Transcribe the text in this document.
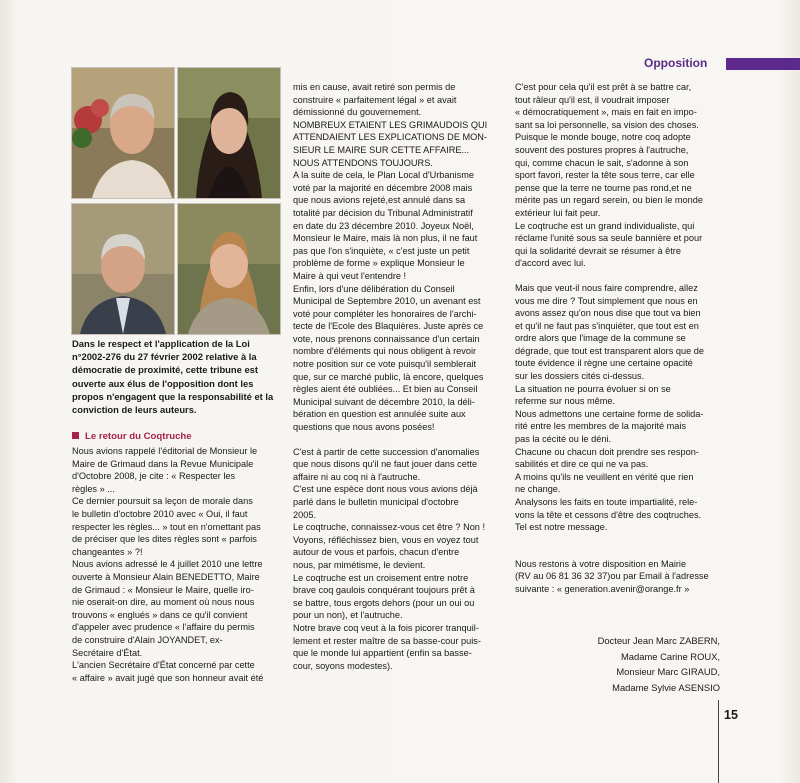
Opposition
Dans le respect et l'application de la Loi n°2002-276 du 27 février 2002 relative à la démocratie de proximité, cette tribune est ouverte aux élus de l'opposition dont les propos n'engagent que la responsabilité et la conviction de leurs auteurs.
Le retour du Coqtruche

Nous avions rappelé l'éditorial de Monsieur le
Maire de Grimaud dans la Revue Municipale
d'Octobre 2008, je cite : « Respecter les
règles » ...

Ce dernier poursuit sa leçon de morale dans
le bulletin d'octobre 2010 avec « Oui, il faut
respecter les règles... » tout en n'omettant pas
de préciser que les dites règles sont « parfois
changeantes » ?!

Nous avions adressé le 4 juillet 2010 une lettre
ouverte à Monsieur Alain BENEDETTO, Maire
de Grimaud : « Monsieur le Maire, quelle iro-
nie oserait-on dire, au moment où nous nous
trouvons « englués » dans ce qu'il convient
d'appeler avec prudence « l'affaire du permis
de construire d'Alain JOYANDET, ex-
Secrétaire d'État.

L'ancien Secrétaire d'État concerné par cette
« affaire » avait jugé que son honneur avait été

mis en cause, avait retiré son permis de
construire « parfaitement légal » et avait
démissionné du gouvernement.

NOMBREUX ETAIENT LES GRIMAUDOIS QUI
ATTENDAIENT LES EXPLICATIONS DE MON-
SIEUR LE MAIRE SUR CETTE AFFAIRE...
NOUS ATTENDONS TOUJOURS.

A la suite de cela, le Plan Local d'Urbanisme
voté par la majorité en décembre 2008 mais
que nous avions rejeté,est annulé dans sa
totalité par décision du Tribunal Administratif
en date du 23 décembre 2010. Joyeux Noël,
Monsieur le Maire, mais là non plus, il ne faut
pas que l'on s'inquiète, « c'est juste un petit
problème de forme » explique Monsieur le
Maire à qui veut l'entendre !

Enfin, lors d'une délibération du Conseil
Municipal de Septembre 2010, un avenant est
voté pour compléter les honoraires de l'archi-
tecte de l'Ecole des Blaquières. Juste après ce
vote, nous prenons connaissance d'un certain
nombre d'éléments qui nous obligent à revoir
notre position sur ce vote puisqu'il semblerait
que, sur ce marché public, là encore, quelques
règles aient été oubliées... Et bien au Conseil
Municipal suivant de décembre 2010, la déli-
bération en question est annulée suite aux
questions que nous avons posées!

C'est à partir de cette succession d'anomalies
que nous disons qu'il ne faut jouer dans cette
affaire ni au coq ni à l'autruche.

C'est une espèce dont nous vous avions déjà
parlé dans le bulletin municipal d'octobre
2005.

Le coqtruche, connaissez-vous cet être ? Non !
Voyons, réfléchissez bien, vous en voyez tout
autour de vous et parfois, chacun d'entre
nous, par mimétisme, le devient.

Le coqtruche est un croisement entre notre
brave coq gaulois conquérant toujours prêt à
se battre, tous ergots dehors (pour un oui ou
pour un non), et l'autruche.

Notre brave coq veut à la fois picorer tranquil-
lement et rester maître de sa basse-cour puis-
que le monde lui appartient (enfin sa basse-
cour, soyons modestes).

C'est pour cela qu'il est prêt à se battre car,
tout râleur qu'il est, il voudrait imposer
« démocratiquement », mais en fait en impo-
sant sa loi personnelle, sa vision des choses.
Puisque le monde bouge, notre coq adopte
souvent des postures propres à l'autruche,
qui, comme chacun le sait, s'adonne à son
sport favori, rester la tête sous terre, car elle
pense que la terre ne tourne pas rond,et ne
mérite pas un regard serein, ou bien le monde
extérieur lui fait peur.

Le coqtruche est un grand individualiste, qui
réclame l'unité sous sa seule bannière et pour
qui la solidarité devrait se résumer à être
d'accord avec lui.

Mais que veut-il nous faire comprendre, allez
vous me dire ? Tout simplement que nous en
avons assez qu'on nous dise que tout va bien
et qu'il ne faut pas s'inquiéter, que tout est en
ordre alors que l'image de la commune se
dégrade, que tout est transparent alors que de
toute évidence il règne une certaine opacité
sur les dossiers cités ci-dessus.

La situation ne pourra évoluer si on se
referme sur nous même.

Nous admettons une certaine forme de solida-
rité entre les membres de la majorité mais
pas la cécité ou le déni.

Chacune ou chacun doit prendre ses respon-
sabilités et dire ce qui ne va pas.

A moins qu'ils ne veuillent en vérité que rien
ne change.

Analysons les faits en toute impartialité, rele-
vons la tête et cessons d'être des coqtruches.
Tel est notre message.

Nous restons à votre disposition en Mairie
(RV au 06 81 36 32 37)ou par Email à l'adresse
suivante : « generation.avenir@orange.fr »

Docteur Jean Marc ZABERN,
Madame Carine ROUX,
Monsieur Marc GIRAUD,
Madame Sylvie ASENSIO
15
